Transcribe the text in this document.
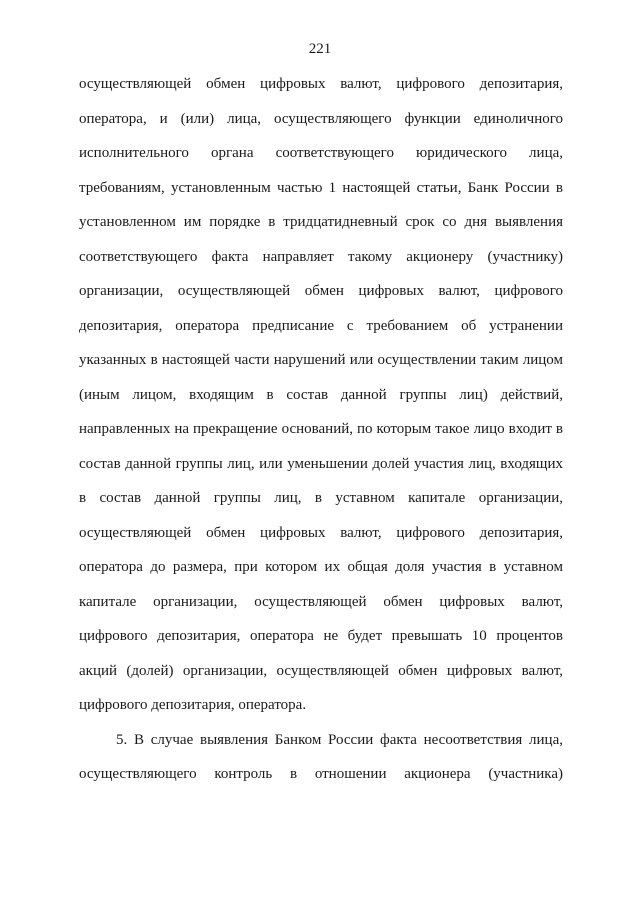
221
осуществляющей обмен цифровых валют, цифрового депозитария,
оператора, и (или) лица, осуществляющего функции единоличного
исполнительного органа соответствующего юридического лица,
требованиям, установленным частью 1 настоящей статьи, Банк России в
установленном им порядке в тридцатидневный срок со дня выявления
соответствующего факта направляет такому акционеру (участнику)
организации, осуществляющей обмен цифровых валют, цифрового
депозитария, оператора предписание с требованием об устранении
указанных в настоящей части нарушений или осуществлении таким лицом
(иным лицом, входящим в состав данной группы лиц) действий,
направленных на прекращение оснований, по которым такое лицо входит в
состав данной группы лиц, или уменьшении долей участия лиц, входящих
в состав данной группы лиц, в уставном капитале организации,
осуществляющей обмен цифровых валют, цифрового депозитария,
оператора до размера, при котором их общая доля участия в уставном
капитале организации, осуществляющей обмен цифровых валют,
цифрового депозитария, оператора не будет превышать 10 процентов
акций (долей) организации, осуществляющей обмен цифровых валют,
цифрового депозитария, оператора.
5. В случае выявления Банком России факта несоответствия лица,
осуществляющего контроль в отношении акционера (участника)
